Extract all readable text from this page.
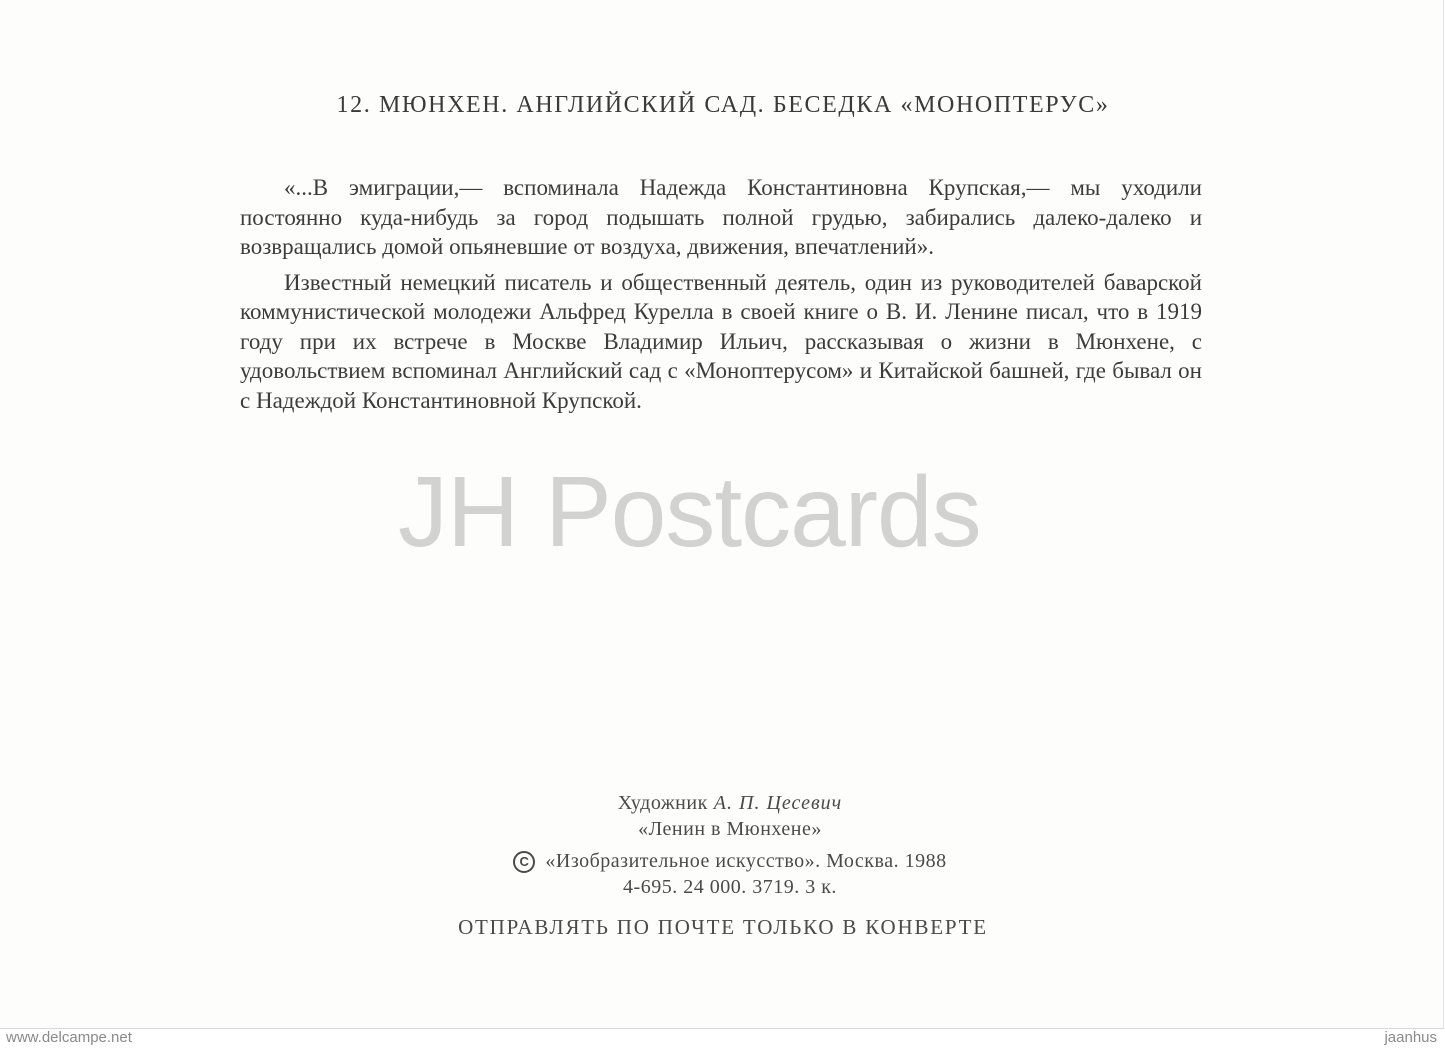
12. МЮНХЕН. АНГЛИЙСКИЙ САД. БЕСЕДКА «МОНОПТЕРУС»

«...В эмиграции,— вспоминала Надежда Константиновна Крупская,— мы уходили постоянно куда-нибудь за город подышать полной грудью, забирались далеко-далеко и возвращались домой опьяневшие от воздуха, движения, впечатлений».

Известный немецкий писатель и общественный деятель, один из руководителей баварской коммунистической молодежи Альфред Курелла в своей книге о В. И. Ленине писал, что в 1919 году при их встрече в Москве Владимир Ильич, рассказывая о жизни в Мюнхене, с удовольствием вспоминал Английский сад с «Моноптерусом» и Китайской башней, где бывал он с Надеждой Константиновной Крупской.

JH Postcards
Художник А. П. Цесевич
«Ленин в Мюнхене»
C «Изобразительное искусство». Москва. 1988
4-695. 24 000. 3719. 3 к.
ОТПРАВЛЯТЬ ПО ПОЧТЕ ТОЛЬКО В КОНВЕРТЕ
www.delcampe.net	jaanhus
